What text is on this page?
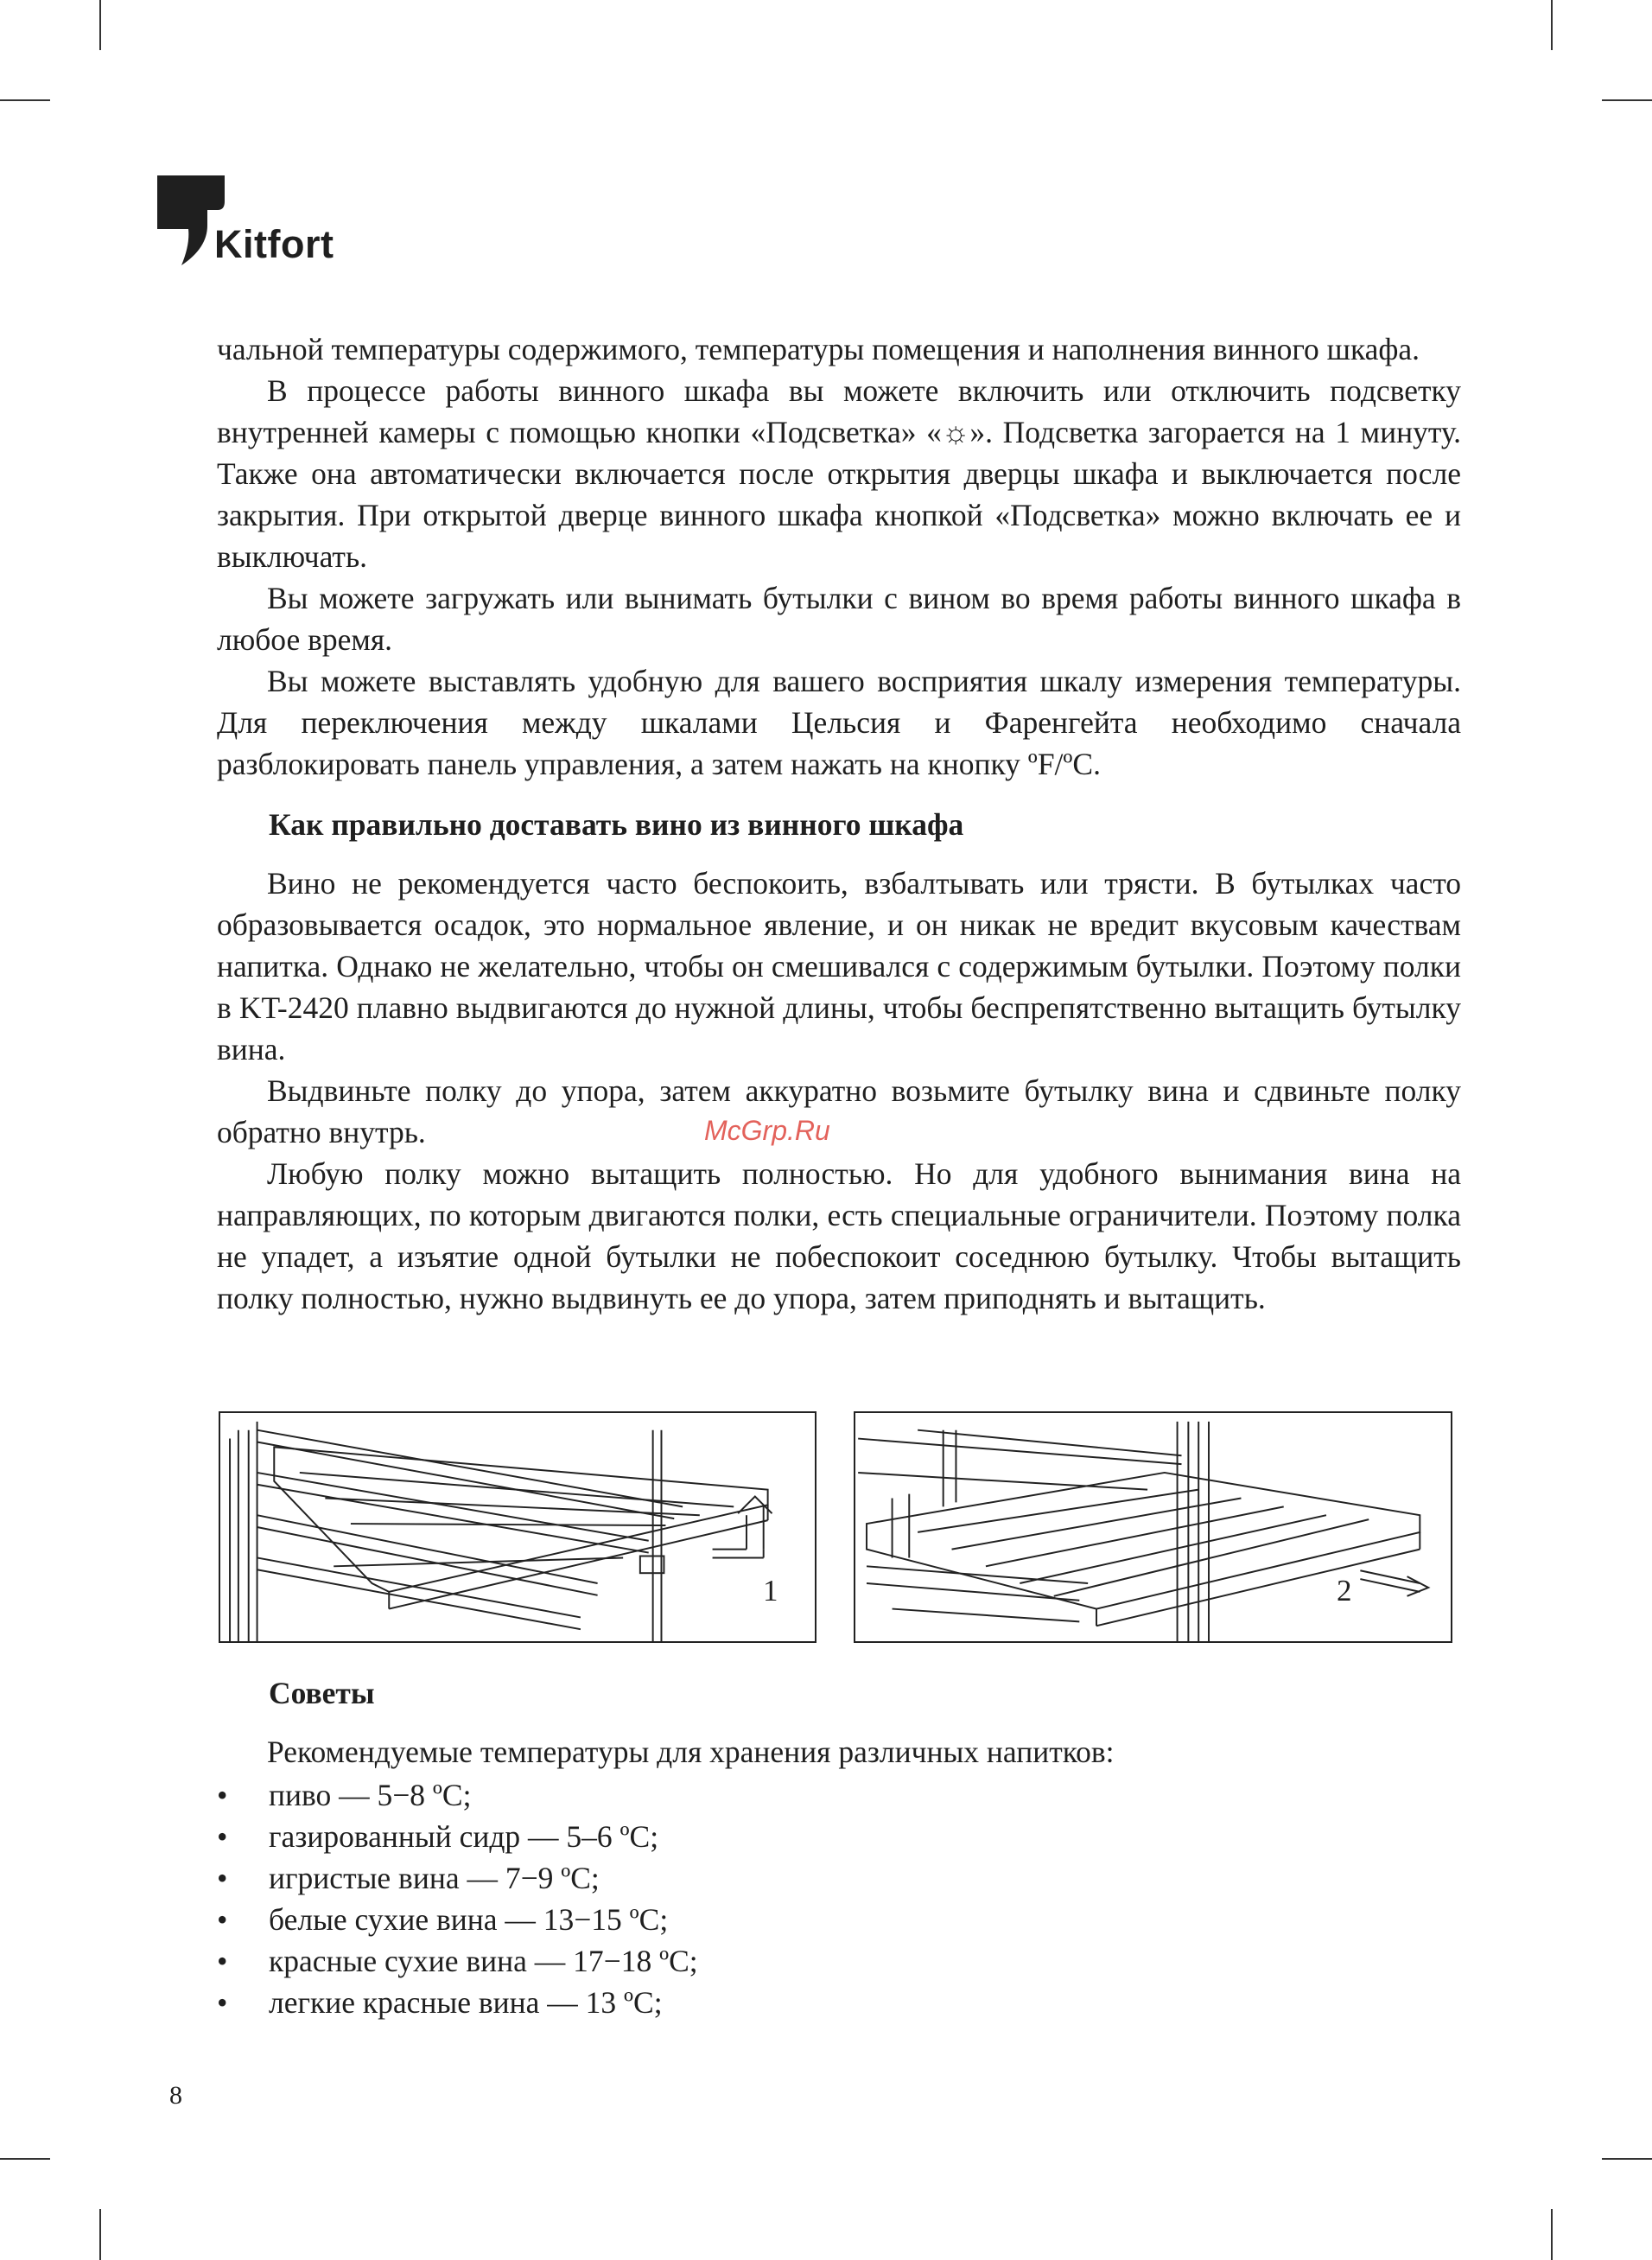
Kitfort

чальной температуры содержимого, температуры помещения и наполнения винного шкафа.

В процессе работы винного шкафа вы можете включить или отключить подсветку внутренней камеры с помощью кнопки «Подсветка» «☼». Подсветка загорается на 1 минуту. Также она автоматически включается после открытия дверцы шкафа и выключается после закрытия. При открытой дверце винного шкафа кнопкой «Подсветка» можно включать ее и выключать.

Вы можете загружать или вынимать бутылки с вином во время работы винного шкафа в любое время.

Вы можете выставлять удобную для вашего восприятия шкалу измерения температуры. Для переключения между шкалами Цельсия и Фаренгейта необходимо сначала разблокировать панель управления, а затем нажать на кнопку ºF/ºC.

Как правильно доставать вино из винного шкафа

Вино не рекомендуется часто беспокоить, взбалтывать или трясти. В бутылках часто образовывается осадок, это нормальное явление, и он никак не вредит вкусовым качествам напитка. Однако не желательно, чтобы он смешивался с содержимым бутылки. Поэтому полки в KT-2420 плавно выдвигаются до нужной длины, чтобы беспрепятственно вытащить бутылку вина.

Выдвиньте полку до упора, затем аккуратно возьмите бутылку вина и сдвиньте полку обратно внутрь.

Любую полку можно вытащить полностью. Но для удобного вынимания вина на направляющих, по которым двигаются полки, есть специальные ограничители. Поэтому полка не упадет, а изъятие одной бутылки не побеспокоит соседнюю бутылку. Чтобы вытащить полку полностью, нужно выдвинуть ее до упора, затем приподнять и вытащить.

McGrp.Ru
1	2
Советы

Рекомендуемые температуры для хранения различных напитков:

• пиво — 5−8 ºC;
• газированный сидр — 5–6 ºC;
• игристые вина — 7−9 ºC;
• белые сухие вина — 13−15 ºC;
• красные сухие вина — 17−18 ºC;
• легкие красные вина — 13 ºC;
8
